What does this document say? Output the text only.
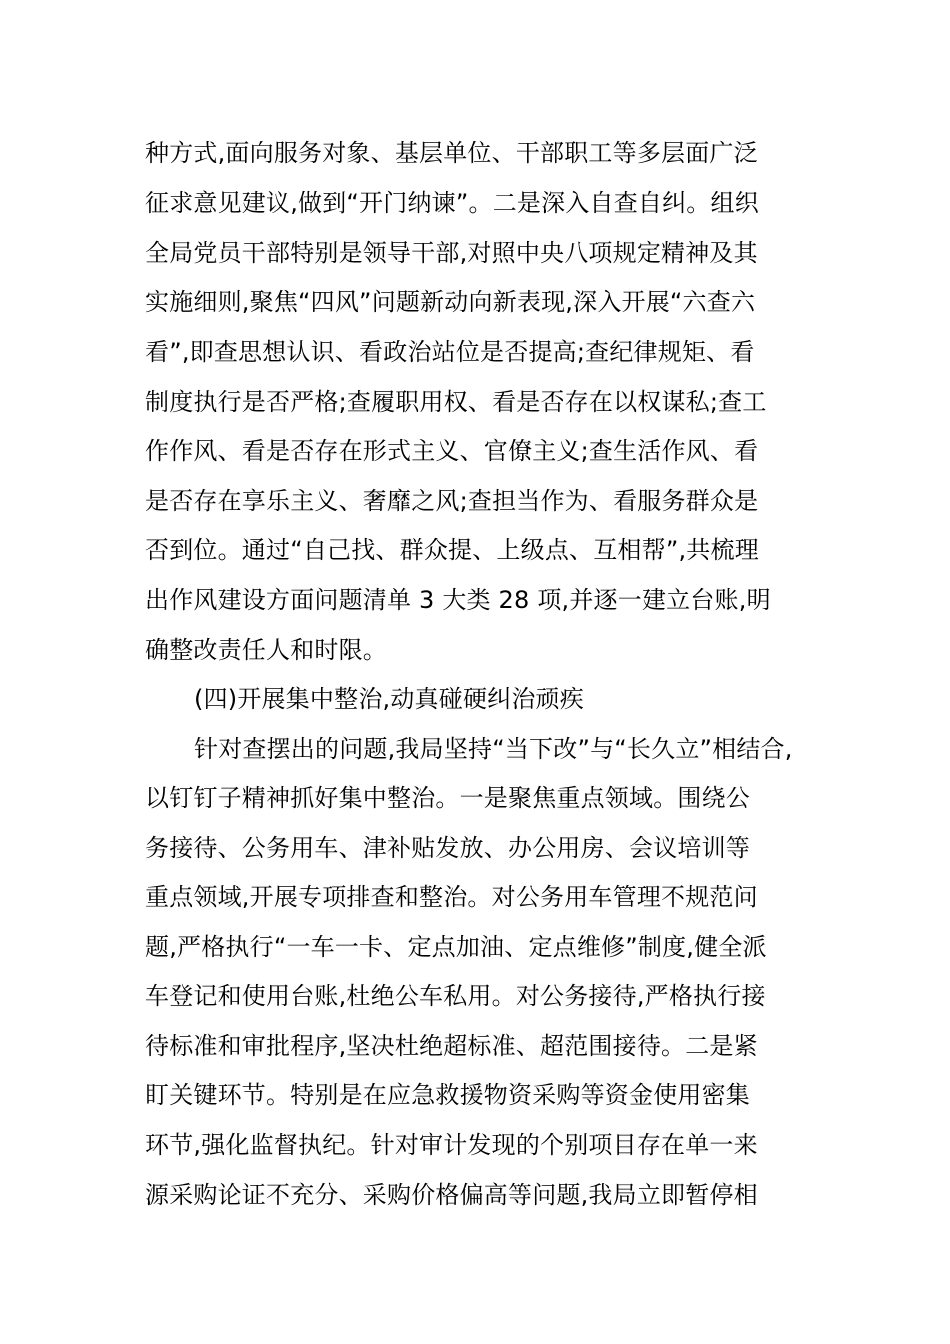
种方式,面向服务对象、基层单位、干部职工等多层面广泛
征求意见建议,做到“开门纳谏”。二是深入自查自纠。组织
全局党员干部特别是领导干部,对照中央八项规定精神及其
实施细则,聚焦“四风”问题新动向新表现,深入开展“六查六
看”,即查思想认识、看政治站位是否提高;查纪律规矩、看
制度执行是否严格;查履职用权、看是否存在以权谋私;查工
作作风、看是否存在形式主义、官僚主义;查生活作风、看
是否存在享乐主义、奢靡之风;查担当作为、看服务群众是
否到位。通过“自己找、群众提、上级点、互相帮”,共梳理
出作风建设方面问题清单 3 大类 28 项,并逐一建立台账,明
确整改责任人和时限。
(四)开展集中整治,动真碰硬纠治顽疾
针对查摆出的问题,我局坚持“当下改”与“长久立”相结合,
以钉钉子精神抓好集中整治。一是聚焦重点领域。围绕公
务接待、公务用车、津补贴发放、办公用房、会议培训等
重点领域,开展专项排查和整治。对公务用车管理不规范问
题,严格执行“一车一卡、定点加油、定点维修”制度,健全派
车登记和使用台账,杜绝公车私用。对公务接待,严格执行接
待标准和审批程序,坚决杜绝超标准、超范围接待。二是紧
盯关键环节。特别是在应急救援物资采购等资金使用密集
环节,强化监督执纪。针对审计发现的个别项目存在单一来
源采购论证不充分、采购价格偏高等问题,我局立即暂停相
